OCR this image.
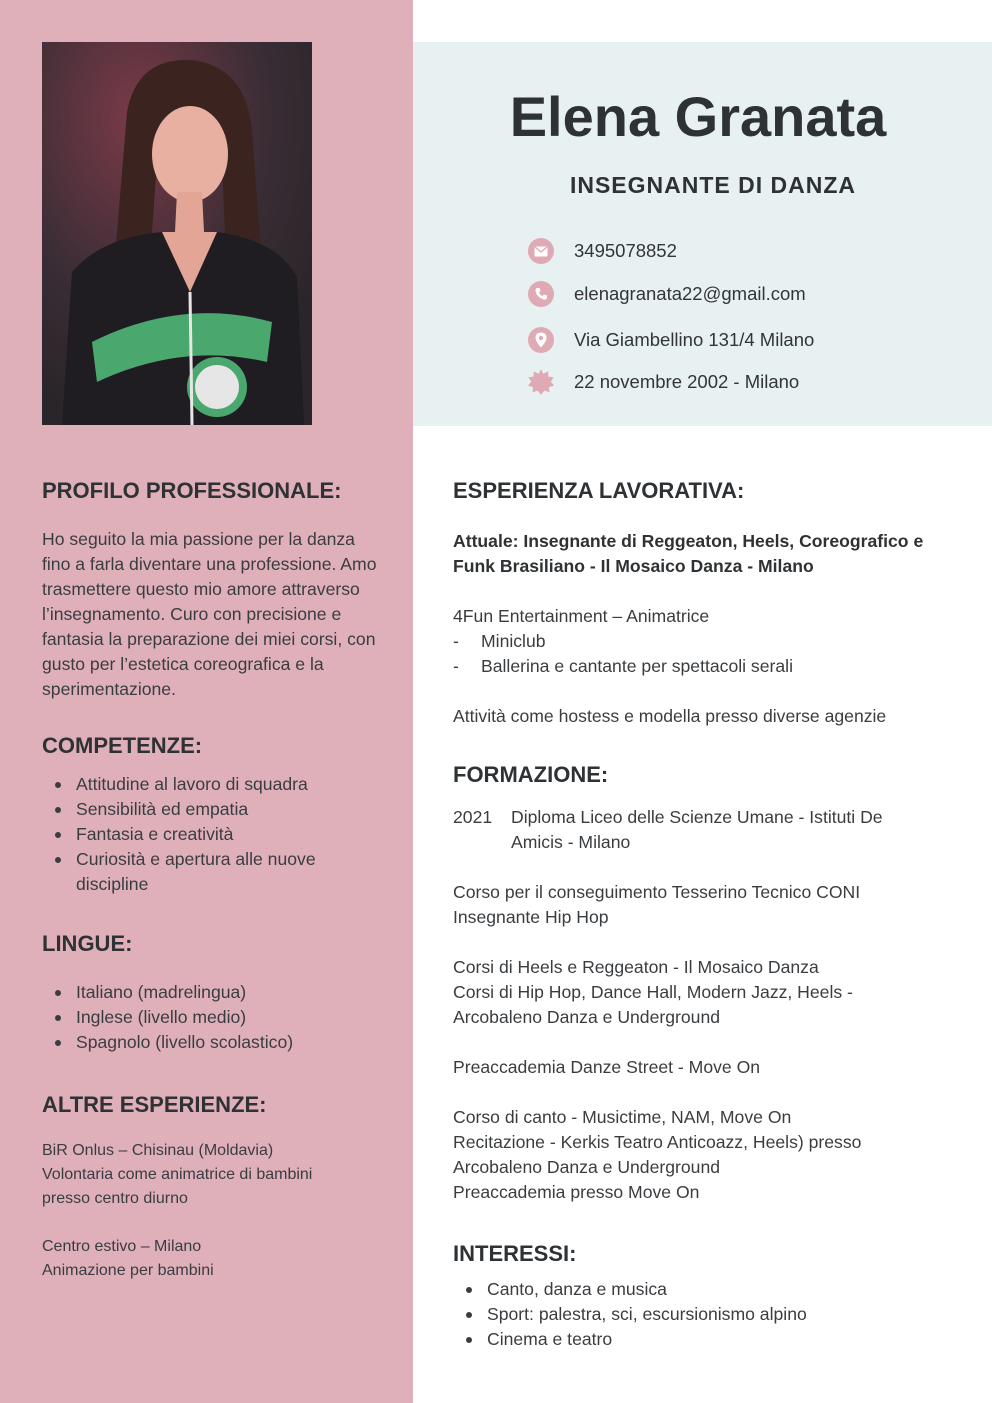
Elena Granata
INSEGNANTE DI DANZA
3495078852
elenagranata22@gmail.com
Via Giambellino 131/4 Milano
22 novembre 2002 - Milano
PROFILO PROFESSIONALE:
Ho seguito la mia passione per la danza fino a farla diventare una professione. Amo trasmettere questo mio amore attraverso l’insegnamento. Curo con precisione e fantasia la preparazione dei miei corsi, con gusto per l’estetica coreografica e la sperimentazione.
COMPETENZE:
Attitudine al lavoro di squadra
Sensibilità ed empatia
Fantasia e creatività
Curiosità e apertura alle nuove discipline
LINGUE:
Italiano (madrelingua)
Inglese (livello medio)
Spagnolo (livello scolastico)
ALTRE ESPERIENZE:

BiR Onlus – Chisinau (Moldavia)

Volontaria come animatrice di bambini presso centro diurno

Centro estivo – Milano

Animazione per bambini

ESPERIENZA LAVORATIVA:

Attuale: Insegnante di Reggeaton, Heels, Coreografico e Funk Brasiliano - Il Mosaico Danza - Milano

4Fun Entertainment – Animatrice

- Miniclub
- Ballerina e cantante per spettacoli serali

Attività come hostess e modella presso diverse agenzie

FORMAZIONE:
2021	Diploma Liceo delle Scienze Umane - Istituti De Amicis - Milano

Corso per il conseguimento Tesserino Tecnico CONI

Insegnante Hip Hop

Corsi di Heels e Reggeaton - Il Mosaico Danza

Corsi di Hip Hop, Dance Hall, Modern Jazz, Heels - Arcobaleno Danza e Underground

Preaccademia Danze Street - Move On

Corso di canto - Musictime, NAM, Move On

Recitazione - Kerkis Teatro Anticoazz, Heels) presso Arcobaleno Danza e Underground

Preaccademia presso Move On

INTERESSI:
Canto, danza e musica
Sport: palestra, sci, escursionismo alpino
Cinema e teatro
